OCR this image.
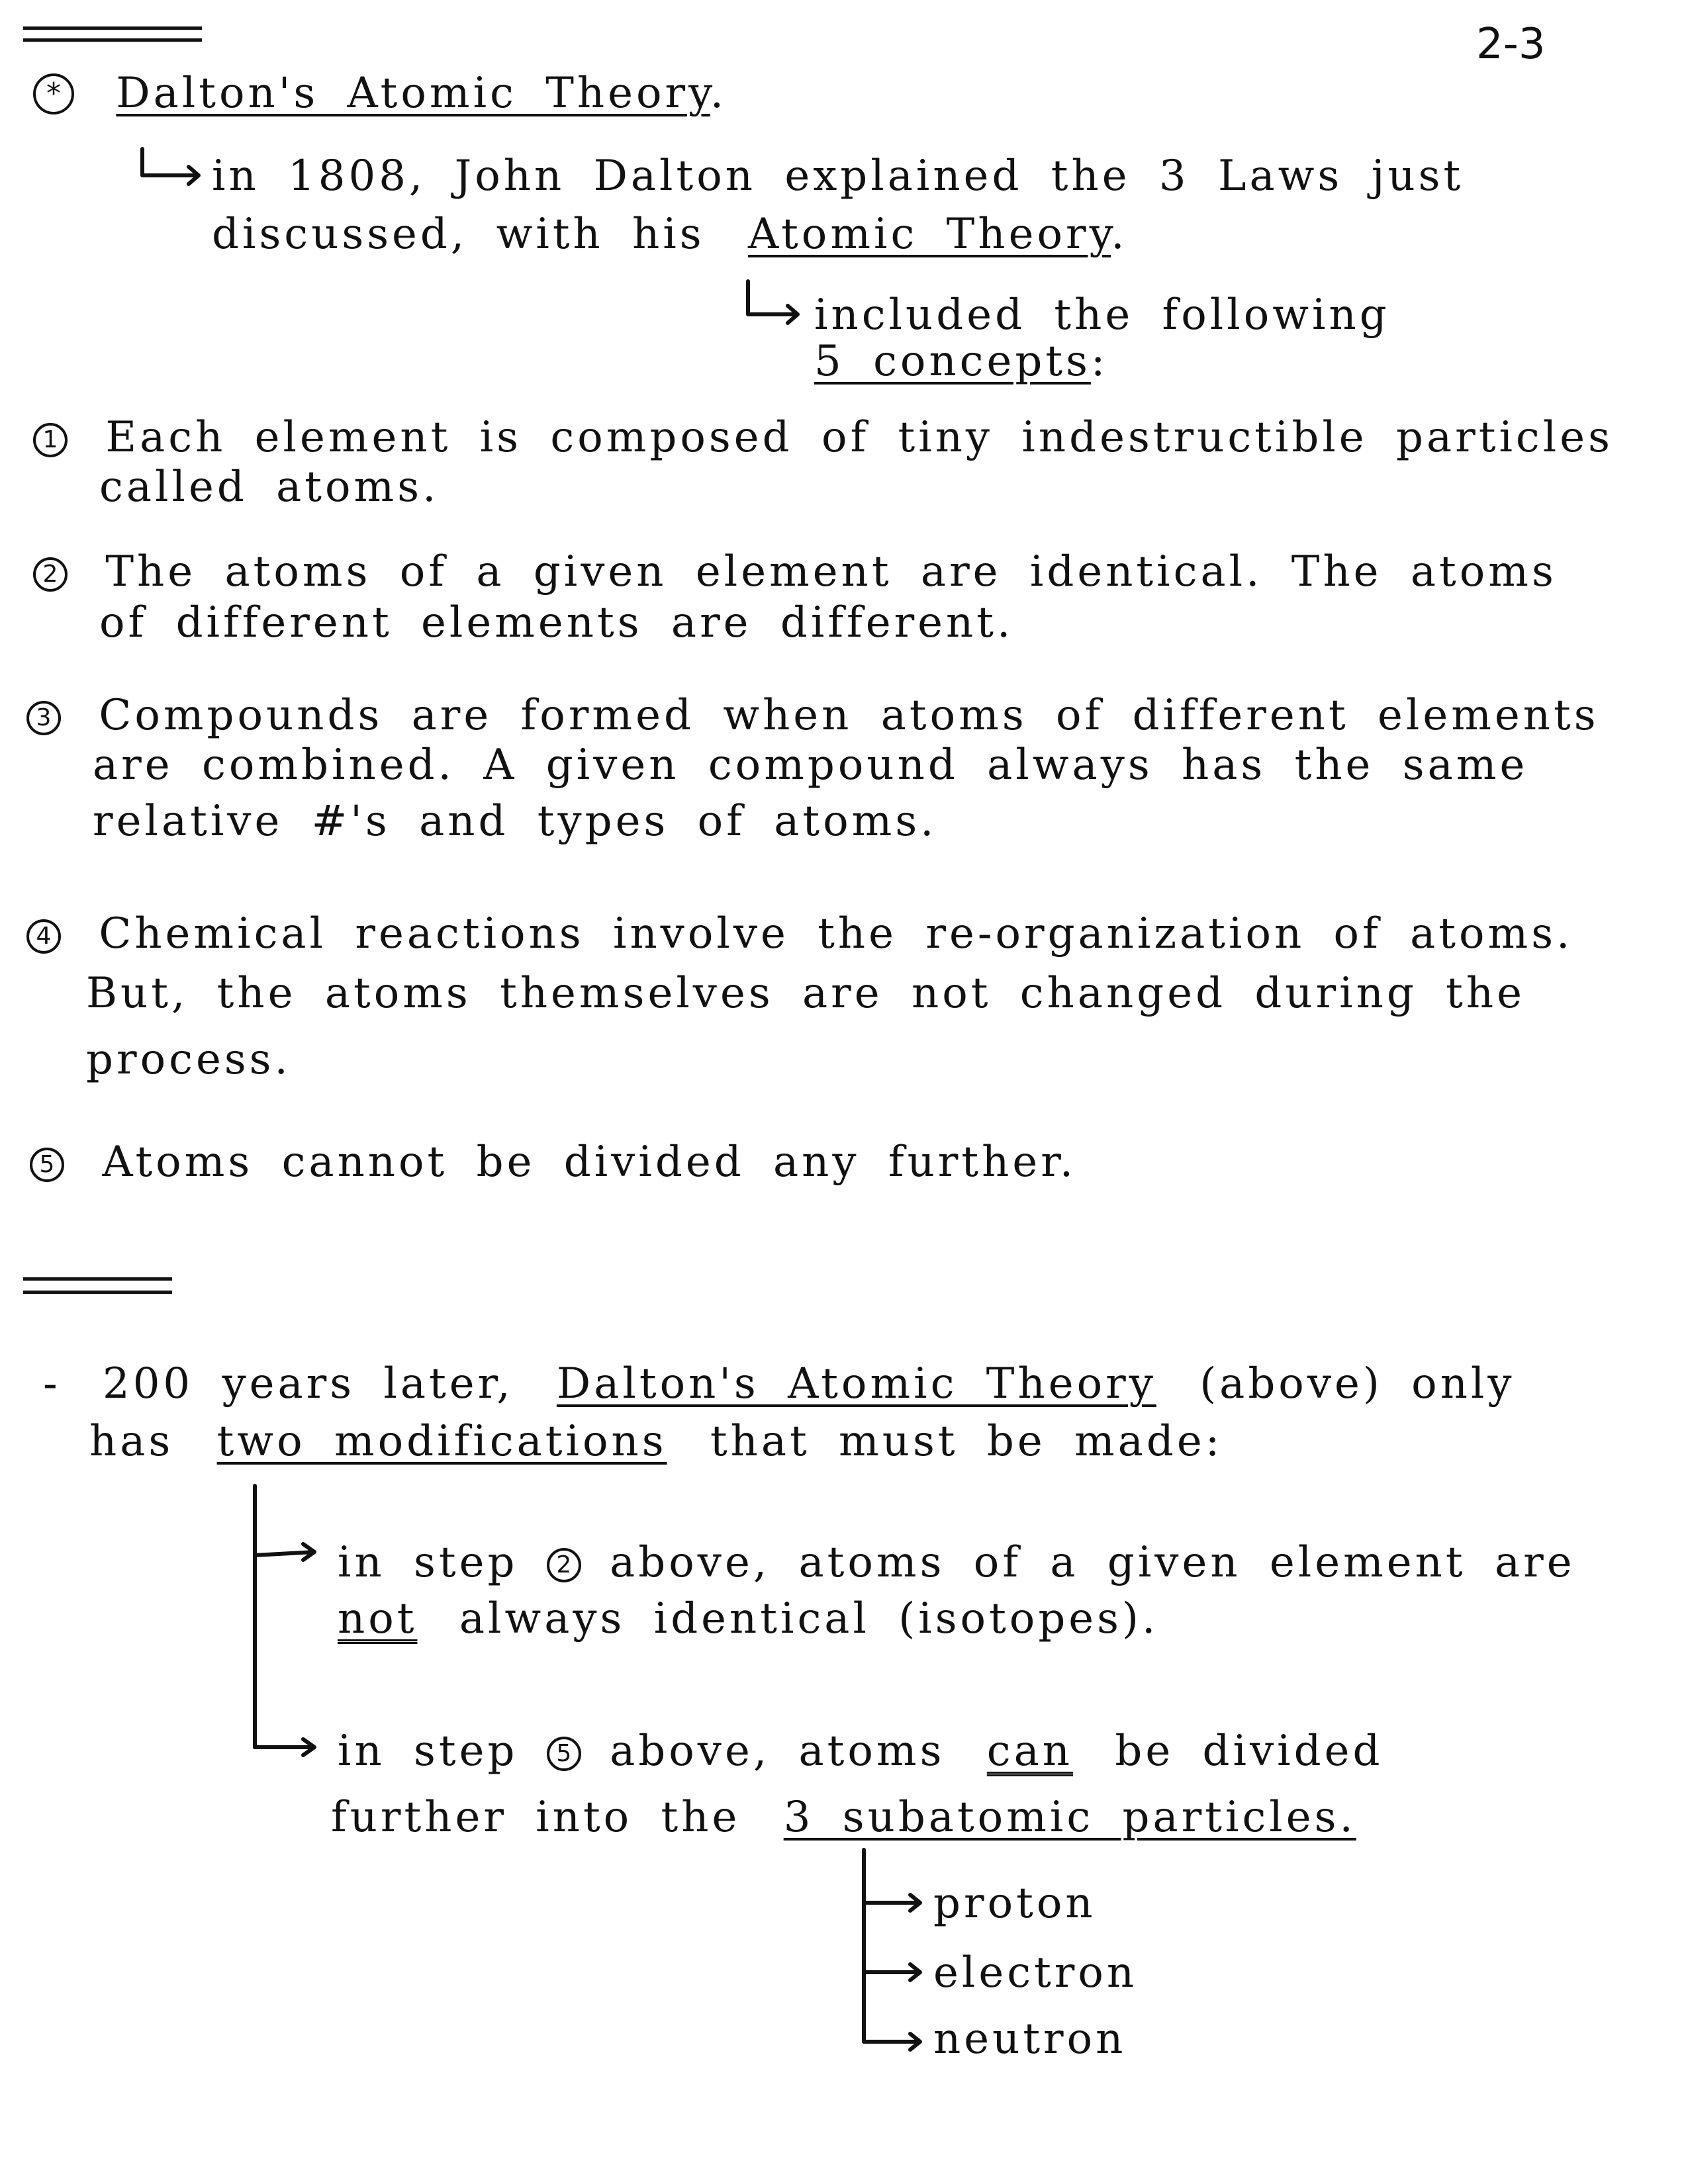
2-3
* Dalton's Atomic Theory.
in 1808, John Dalton explained the 3 Laws just
discussed, with his Atomic Theory.
included the following
5 concepts:
1 Each element is composed of tiny indestructible particles
called atoms.
2 The atoms of a given element are identical. The atoms
of different elements are different.
3 Compounds are formed when atoms of different elements
are combined. A given compound always has the same
relative #'s and types of atoms.
4 Chemical reactions involve the re-organization of atoms.
But, the atoms themselves are not changed during the
process.
5 Atoms cannot be divided any further.
- 200 years later, Dalton's Atomic Theory (above) only
has two modifications that must be made:
in step 2 above, atoms of a given element are
not always identical (isotopes).
in step 5 above, atoms can be divided
further into the 3 subatomic particles.
proton
electron
neutron
